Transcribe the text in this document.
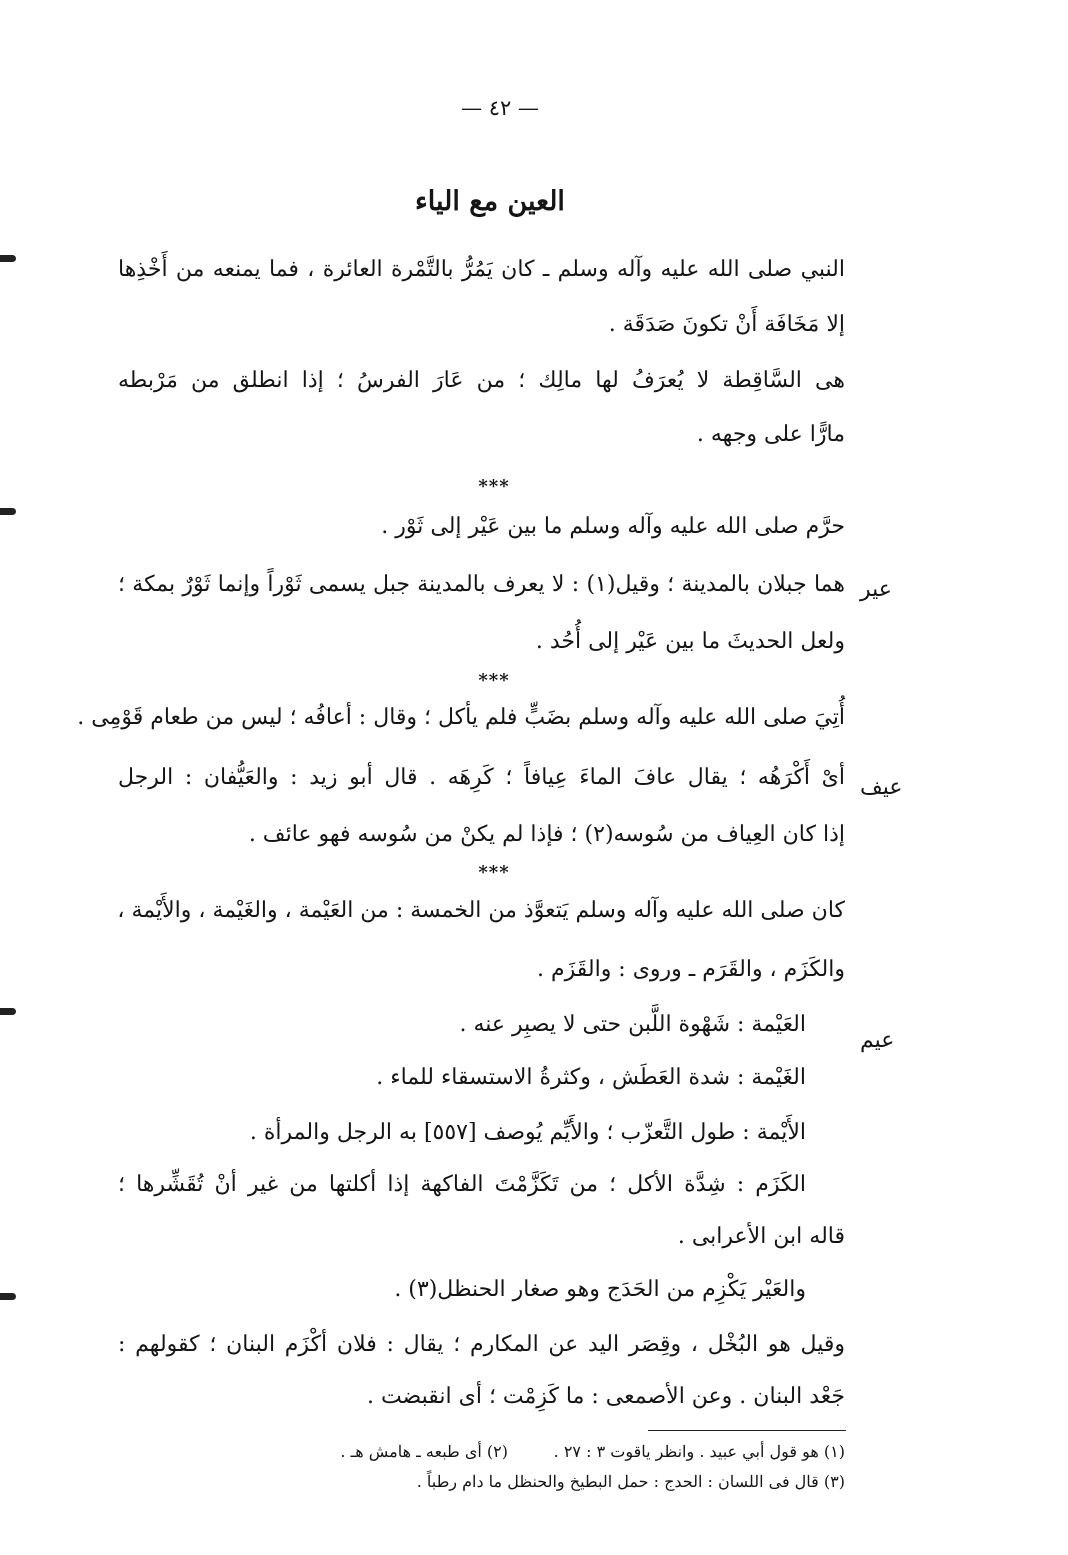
— ٤٢ —
العين مع الياء
النبي صلى الله عليه وآله وسلم ـ كان يَمُرُّ بالتَّمْرة العائرة ، فما يمنعه من أَخْذِها
إلا مَخَافَة أَنْ تكونَ صَدَقَة .
هى السَّاقِطة لا يُعرَفُ لها مالِك ؛ من عَارَ الفرسُ ؛ إذا انطلق من مَرْبطه
مارًّا على وجهه .
***
حرَّم صلى الله عليه وآله وسلم ما بين عَيْر إلى ثَوْر .
هما جبلان بالمدينة ؛ وقيل(١) : لا يعرف بالمدينة جبل يسمى ثَوْراً وإنما ثَوْرٌ بمكة ؛ عير
ولعل الحديثَ ما بين عَيْر إلى أُحُد .
***
أُتِيَ صلى الله عليه وآله وسلم بضَبٍّ فلم يأكل ؛ وقال : أعافُه ؛ ليس من طعام قَوْمِى .
أىْ أَكْرَهُه ؛ يقال عافَ الماءَ عِيافاً ؛ كَرِهَه . قال أبو زيد : والعَيُّفان : الرجل عيف
إذا كان العِياف من سُوسه(٢) ؛ فإذا لم يكنْ من سُوسه فهو عائف .
***
كان صلى الله عليه وآله وسلم يَتعوَّذ من الخمسة : من العَيْمة ، والغَيْمة ، والأَيْمة ،
والكَزَم ، والقَرَم ـ وروى : والقَزَم .
العَيْمة : شَهْوة اللَّبن حتى لا يصبِر عنه .
عيم
الغَيْمة : شدة العَطَش ، وكثرةُ الاستسقاء للماء .
الأَيْمة : طول التَّعزّب ؛ والأَيِّم يُوصف [٥٥٧] به الرجل والمرأة .
الكَزَم : شِدَّة الأكل ؛ من تَكَزَّمْتَ الفاكهة إذا أكلتها من غير أنْ تُقَشِّرها ؛
قاله ابن الأعرابى .
والعَيْر يَكْزِم من الحَدَج وهو صغار الحنظل(٣) .
وقيل هو البُخْل ، وقِصَر اليد عن المكارم ؛ يقال : فلان أكْزَم البنان ؛ كقولهم :
جَعْد البنان . وعن الأصمعى : ما كَزِمْت ؛ أى انقبضت .
(١) هو قول أبي عبيد . وانظر ياقوت ٣ : ٢٧ .
(٢) أى طبعه ـ هامش هـ .
(٣) قال فى اللسان : الحدج : حمل البطيخ والحنظل ما دام رطباً .
